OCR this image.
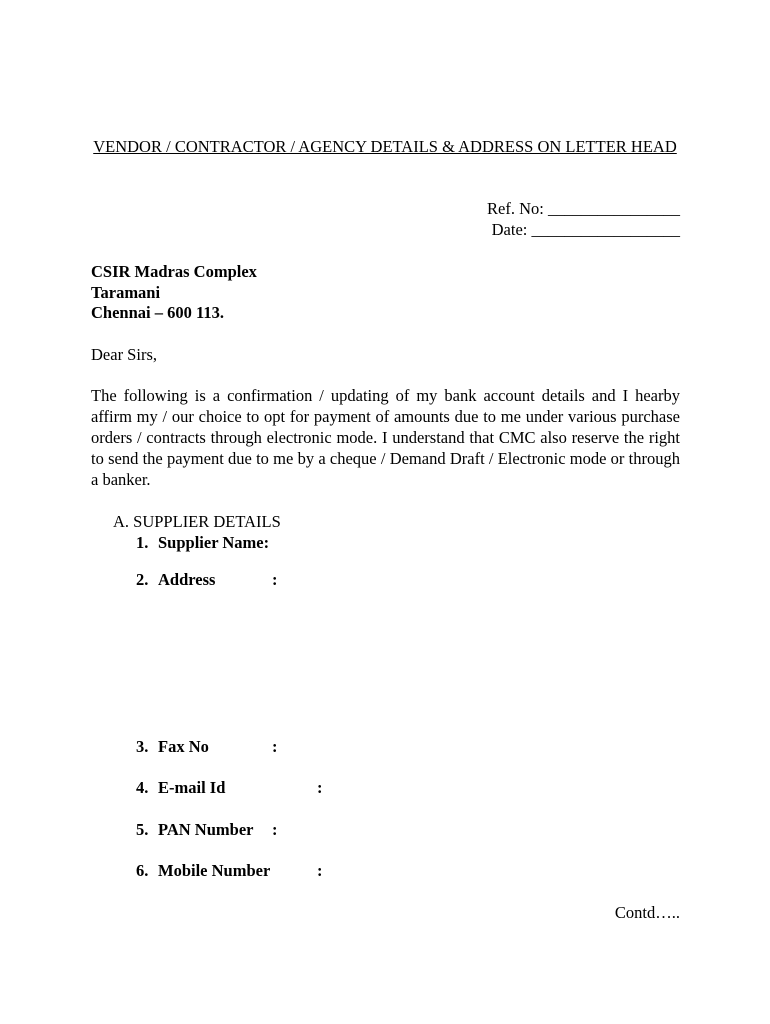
VENDOR / CONTRACTOR / AGENCY DETAILS & ADDRESS ON LETTER HEAD
Ref. No: ________________
Date: __________________
CSIR Madras Complex
Taramani
Chennai – 600 113.
Dear Sirs,
The following is a confirmation / updating of my bank account details and I hearby affirm my / our choice to opt for payment of amounts due to me under various purchase orders / contracts through electronic mode. I understand that CMC also reserve the right to send the payment due to me by a cheque / Demand Draft / Electronic mode or through a banker.
A. SUPPLIER DETAILS
1. Supplier Name:
2. Address	:
3. Fax No	:
4. E-mail Id	:
5. PAN Number :
6. Mobile Number	:
Contd…..
